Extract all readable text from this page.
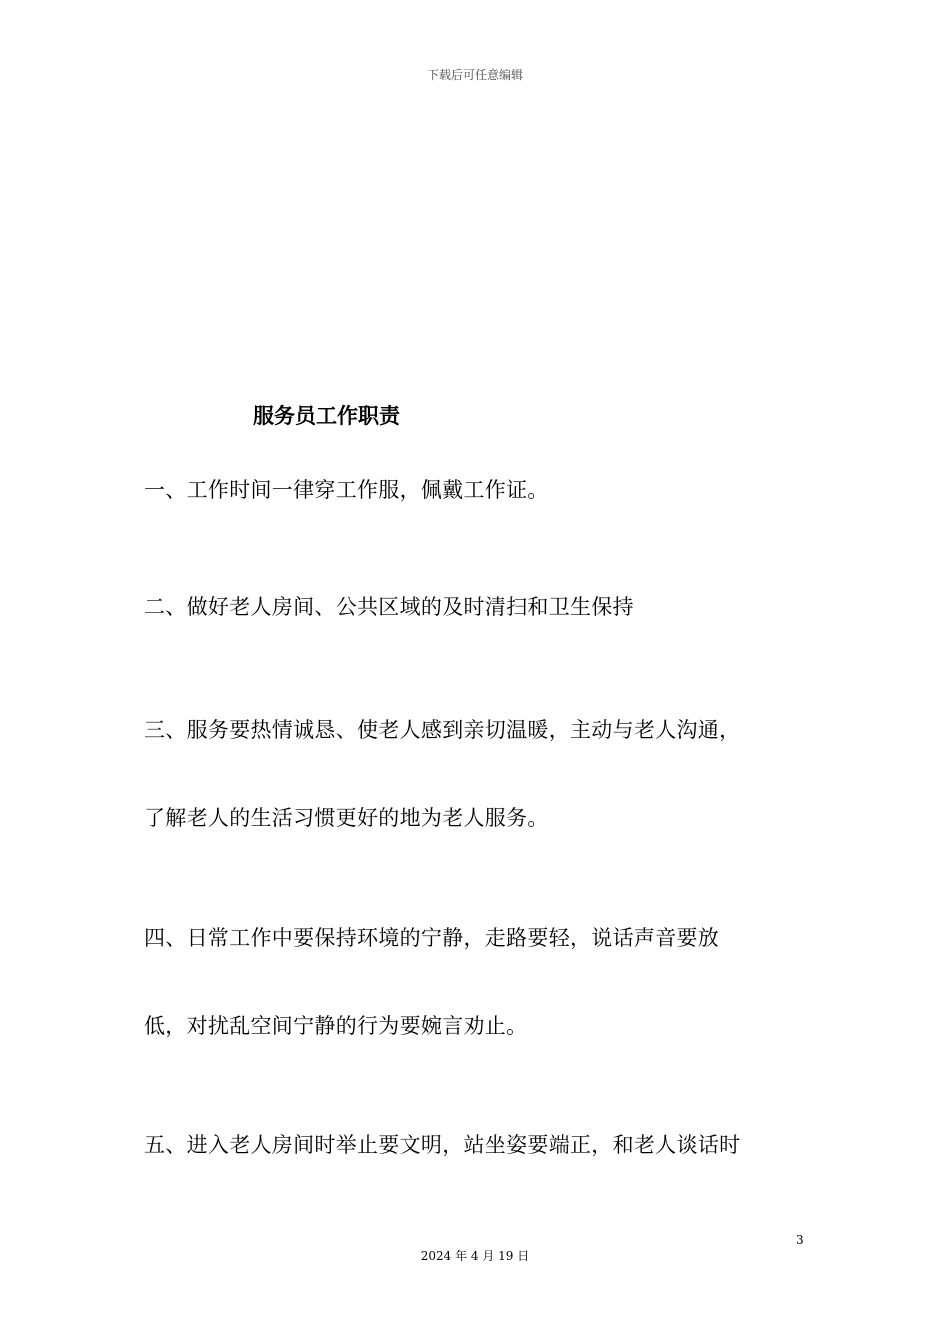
下载后可任意编辑
服务员工作职责
一、工作时间一律穿工作服，佩戴工作证。
二、做好老人房间、公共区域的及时清扫和卫生保持
三、服务要热情诚恳、使老人感到亲切温暖，主动与老人沟通，
了解老人的生活习惯更好的地为老人服务。
四、日常工作中要保持环境的宁静，走路要轻，说话声音要放
低，对扰乱空间宁静的行为要婉言劝止。
五、进入老人房间时举止要文明，站坐姿要端正，和老人谈话时
3
2024 年 4 月 19 日
